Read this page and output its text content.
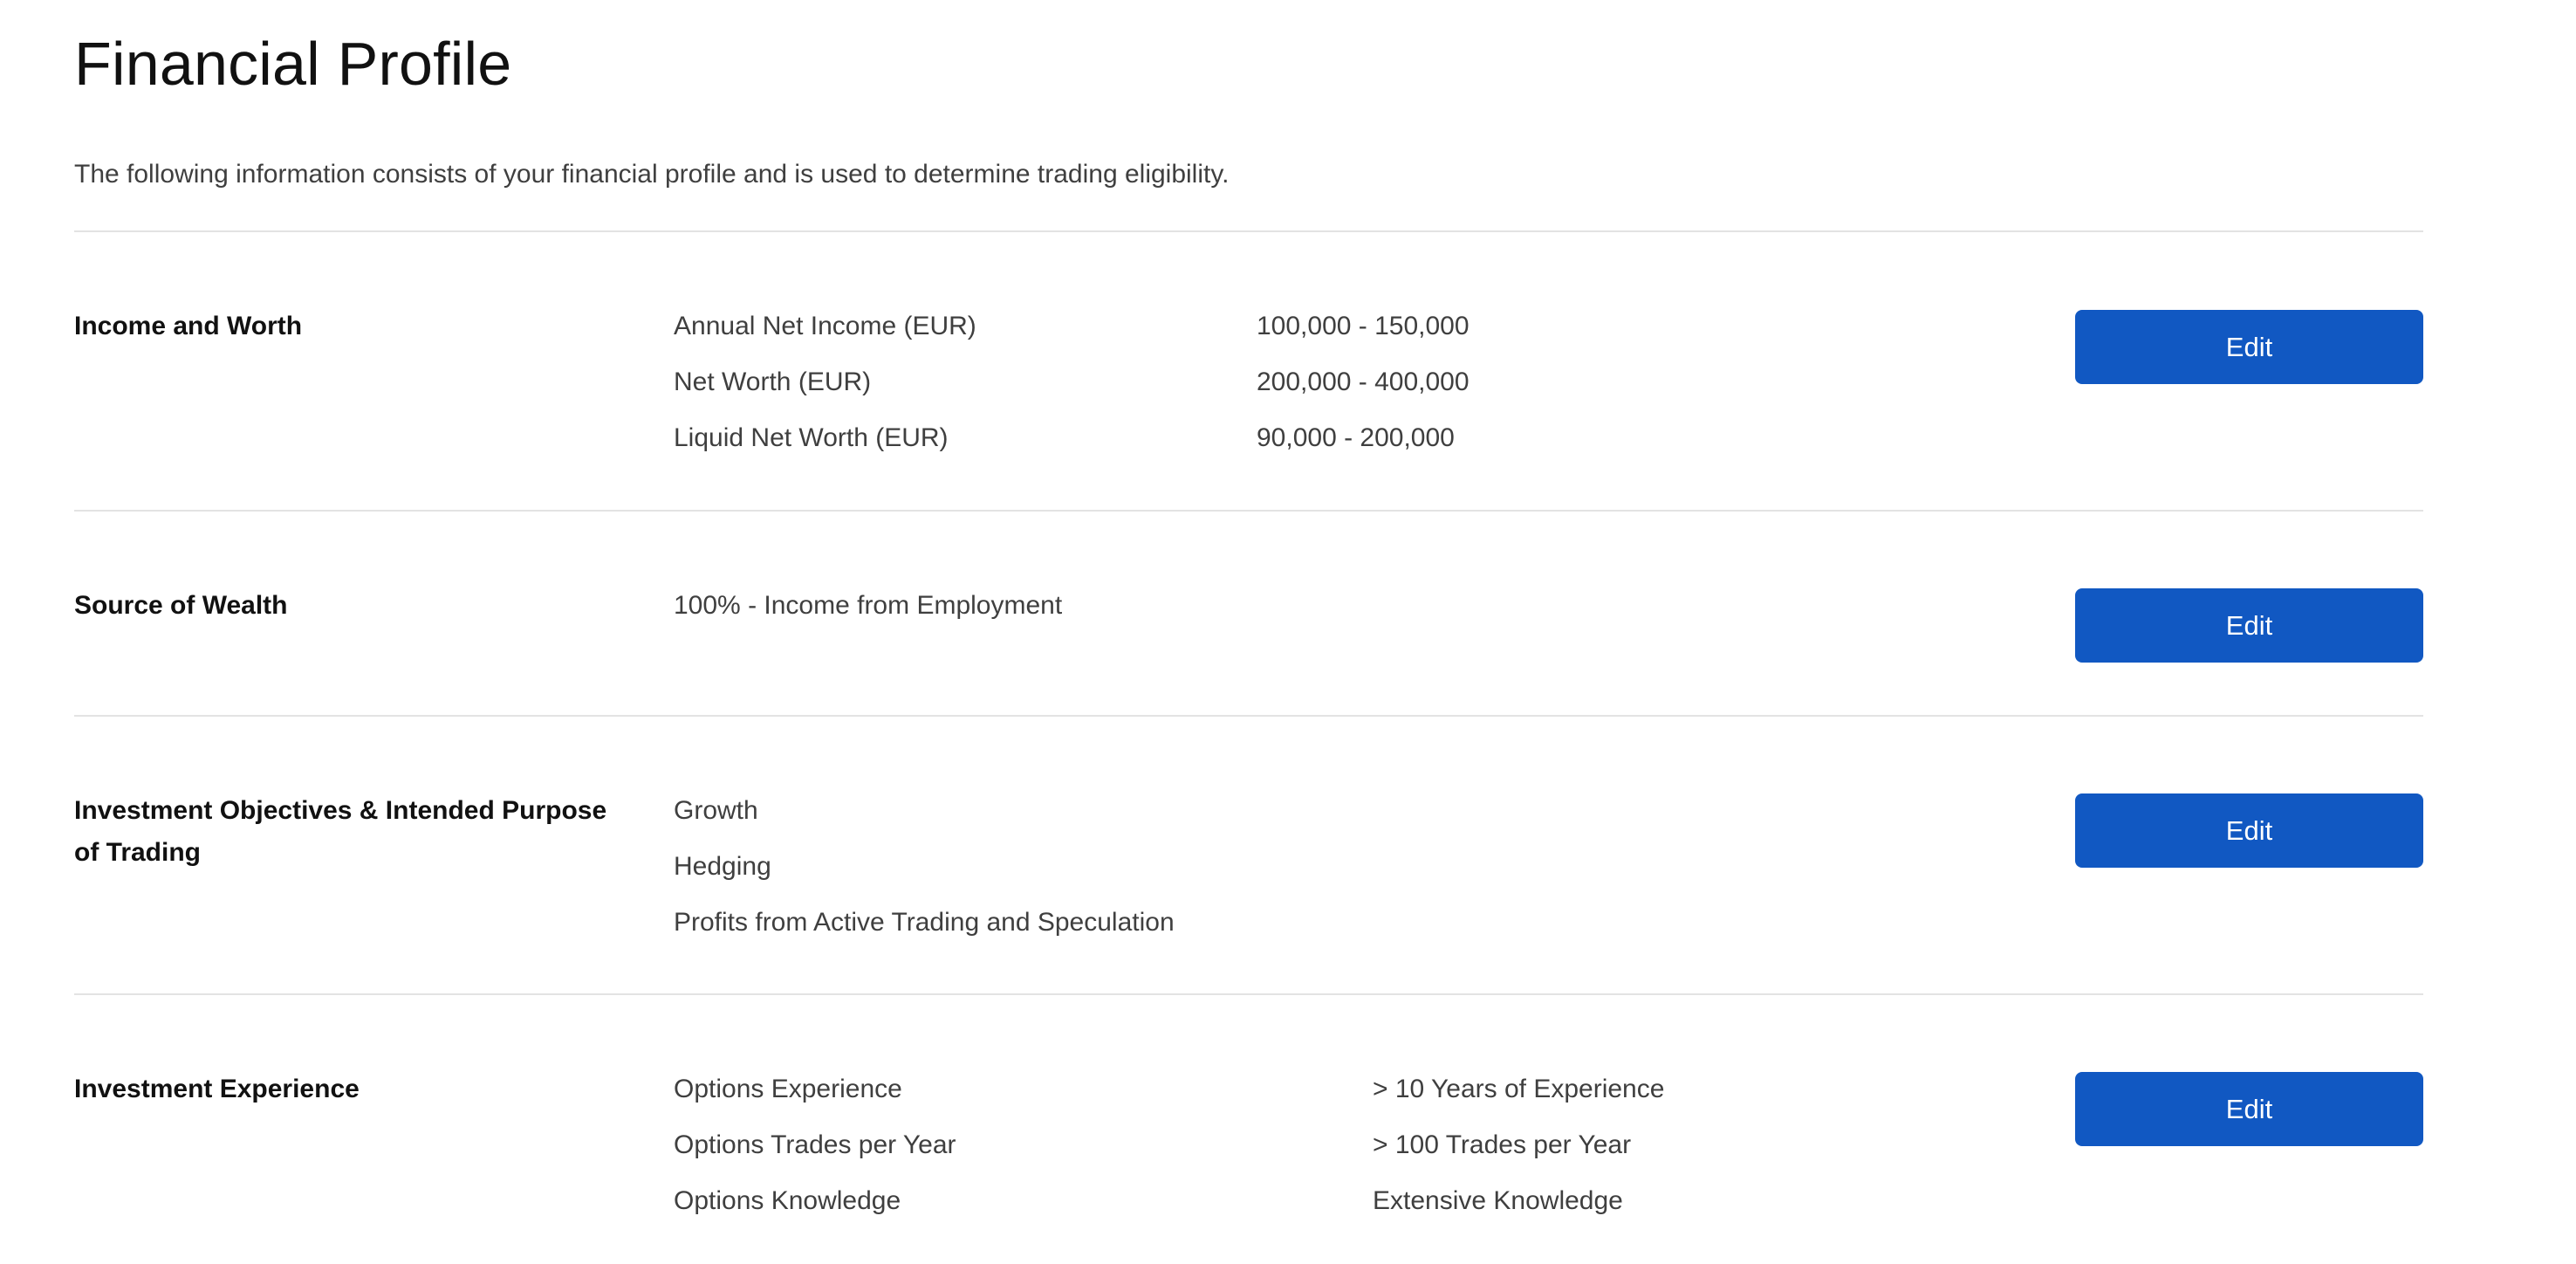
Financial Profile

The following information consists of your financial profile and is used to determine trading eligibility.

Income and Worth	Annual Net Income (EUR)	100,000 - 150,000
Net Worth (EUR)	200,000 - 400,000
Liquid Net Worth (EUR)	90,000 - 200,000
Edit
Source of Wealth	100% - Income from Employment
Edit
Investment Objectives & Intended Purpose of Trading
Growth
Hedging
Profits from Active Trading and Speculation
Edit
Investment Experience	Options Experience	> 10 Years of Experience
Options Trades per Year	> 100 Trades per Year
Options Knowledge	Extensive Knowledge
Edit
